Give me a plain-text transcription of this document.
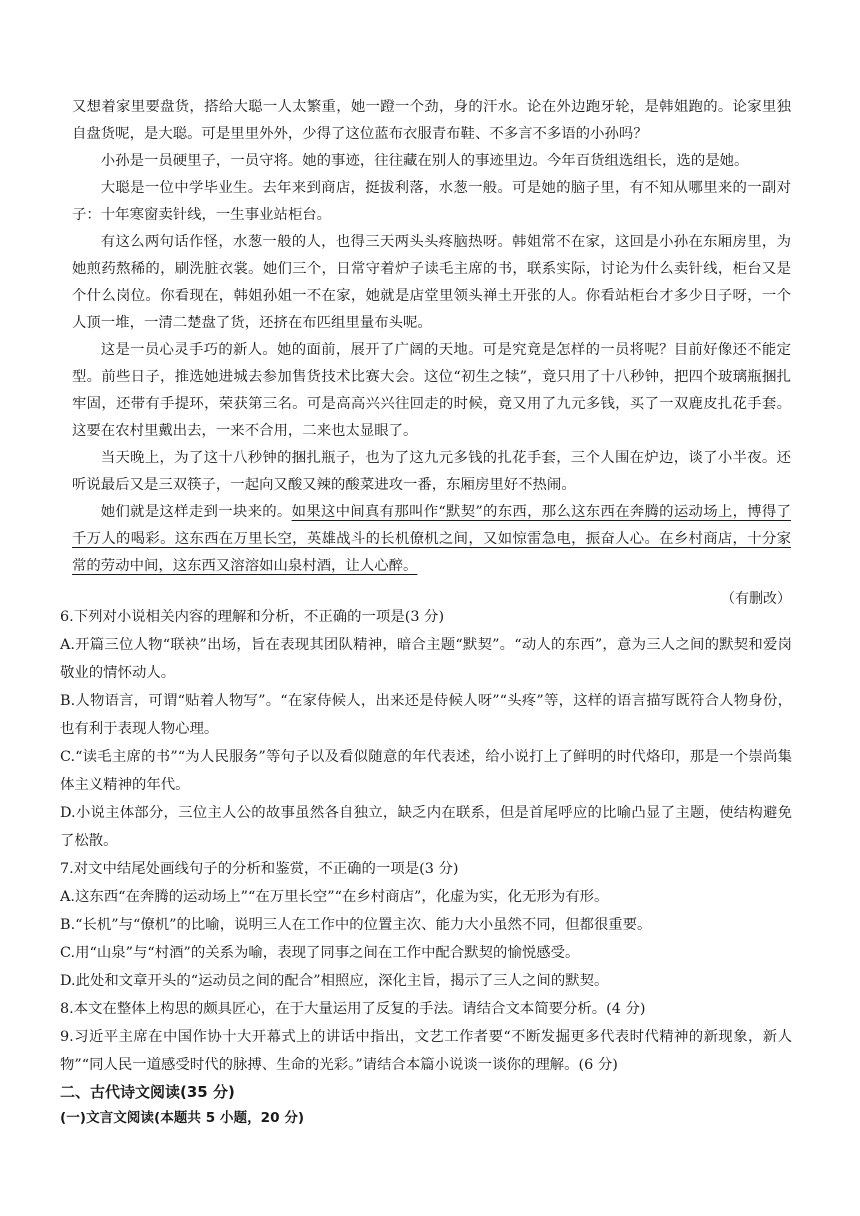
又想着家里要盘货，搭给大聪一人太繁重，她一蹬一个劲，身的汗水。论在外边跑牙轮，是韩姐跑的。论家里独自盘货呢，是大聪。可是里里外外，少得了这位蓝布衣服青布鞋、不多言不多语的小孙吗？

小孙是一员硬里子，一员守将。她的事迹，往往藏在别人的事迹里边。今年百货组选组长，选的是她。

大聪是一位中学毕业生。去年来到商店，挺拔利落，水葱一般。可是她的脑子里，有不知从哪里来的一副对子：十年寒窗卖针线，一生事业站柜台。

有这么两句话作怪，水葱一般的人，也得三天两头头疼脑热呀。韩姐常不在家，这回是小孙在东厢房里，为她煎药熬稀的，刷洗脏衣裳。她们三个，日常守着炉子读毛主席的书，联系实际，讨论为什么卖针线，柜台又是个什么岗位。你看现在，韩姐孙姐一不在家，她就是店堂里领头禅土开张的人。你看站柜台才多少日子呀，一个人顶一堆，一清二楚盘了货，还挤在布匹组里量布头呢。

这是一员心灵手巧的新人。她的面前，展开了广阔的天地。可是究竟是怎样的一员将呢？目前好像还不能定型。前些日子，推选她进城去参加售货技术比赛大会。这位“初生之犊”，竟只用了十八秒钟，把四个玻璃瓶捆扎牢固，还带有手提环，荣获第三名。可是高高兴兴往回走的时候，竟又用了九元多钱，买了一双鹿皮扎花手套。这要在农村里戴出去，一来不合用，二来也太显眼了。

当天晚上，为了这十八秒钟的捆扎瓶子，也为了这九元多钱的扎花手套，三个人围在炉边，谈了小半夜。还听说最后又是三双筷子，一起向又酸又辣的酸菜进攻一番，东厢房里好不热闹。

她们就是这样走到一块来的。如果这中间真有那叫作“默契”的东西，那么这东西在奔腾的运动场上，博得了千万人的喝彩。这东西在万里长空，英雄战斗的长机僚机之间，又如惊雷急电，振奋人心。在乡村商店，十分家常的劳动中间，这东西又溶溶如山泉村酒，让人心醉。

（有删改）

6.下列对小说相关内容的理解和分析，不正确的一项是(3 分)

A.开篇三位人物“联袂”出场，旨在表现其团队精神，暗合主题“默契”。“动人的东西”，意为三人之间的默契和爱岗敬业的情怀动人。

B.人物语言，可谓“贴着人物写”。“在家侍候人，出来还是侍候人呀”“头疼”等，这样的语言描写既符合人物身份，也有利于表现人物心理。

C.“读毛主席的书”“为人民服务”等句子以及看似随意的年代表述，给小说打上了鲜明的时代烙印，那是一个崇尚集体主义精神的年代。

D.小说主体部分，三位主人公的故事虽然各自独立，缺乏内在联系，但是首尾呼应的比喻凸显了主题，使结构避免了松散。

7.对文中结尾处画线句子的分析和鉴赏，不正确的一项是(3 分)

A.这东西“在奔腾的运动场上”“在万里长空”“在乡村商店”，化虚为实，化无形为有形。

B.“长机”与“僚机”的比喻，说明三人在工作中的位置主次、能力大小虽然不同，但都很重要。

C.用“山泉”与“村酒”的关系为喻，表现了同事之间在工作中配合默契的愉悦感受。

D.此处和文章开头的“运动员之间的配合”相照应，深化主旨，揭示了三人之间的默契。

8.本文在整体上构思的颇具匠心，在于大量运用了反复的手法。请结合文本简要分析。(4 分)

9.习近平主席在中国作协十大开幕式上的讲话中指出，文艺工作者要“不断发掘更多代表时代精神的新现象，新人物”“同人民一道感受时代的脉搏、生命的光彩。”请结合本篇小说谈一谈你的理解。(6 分)

二、古代诗文阅读(35 分)

(一)文言文阅读(本题共 5 小题，20 分)
